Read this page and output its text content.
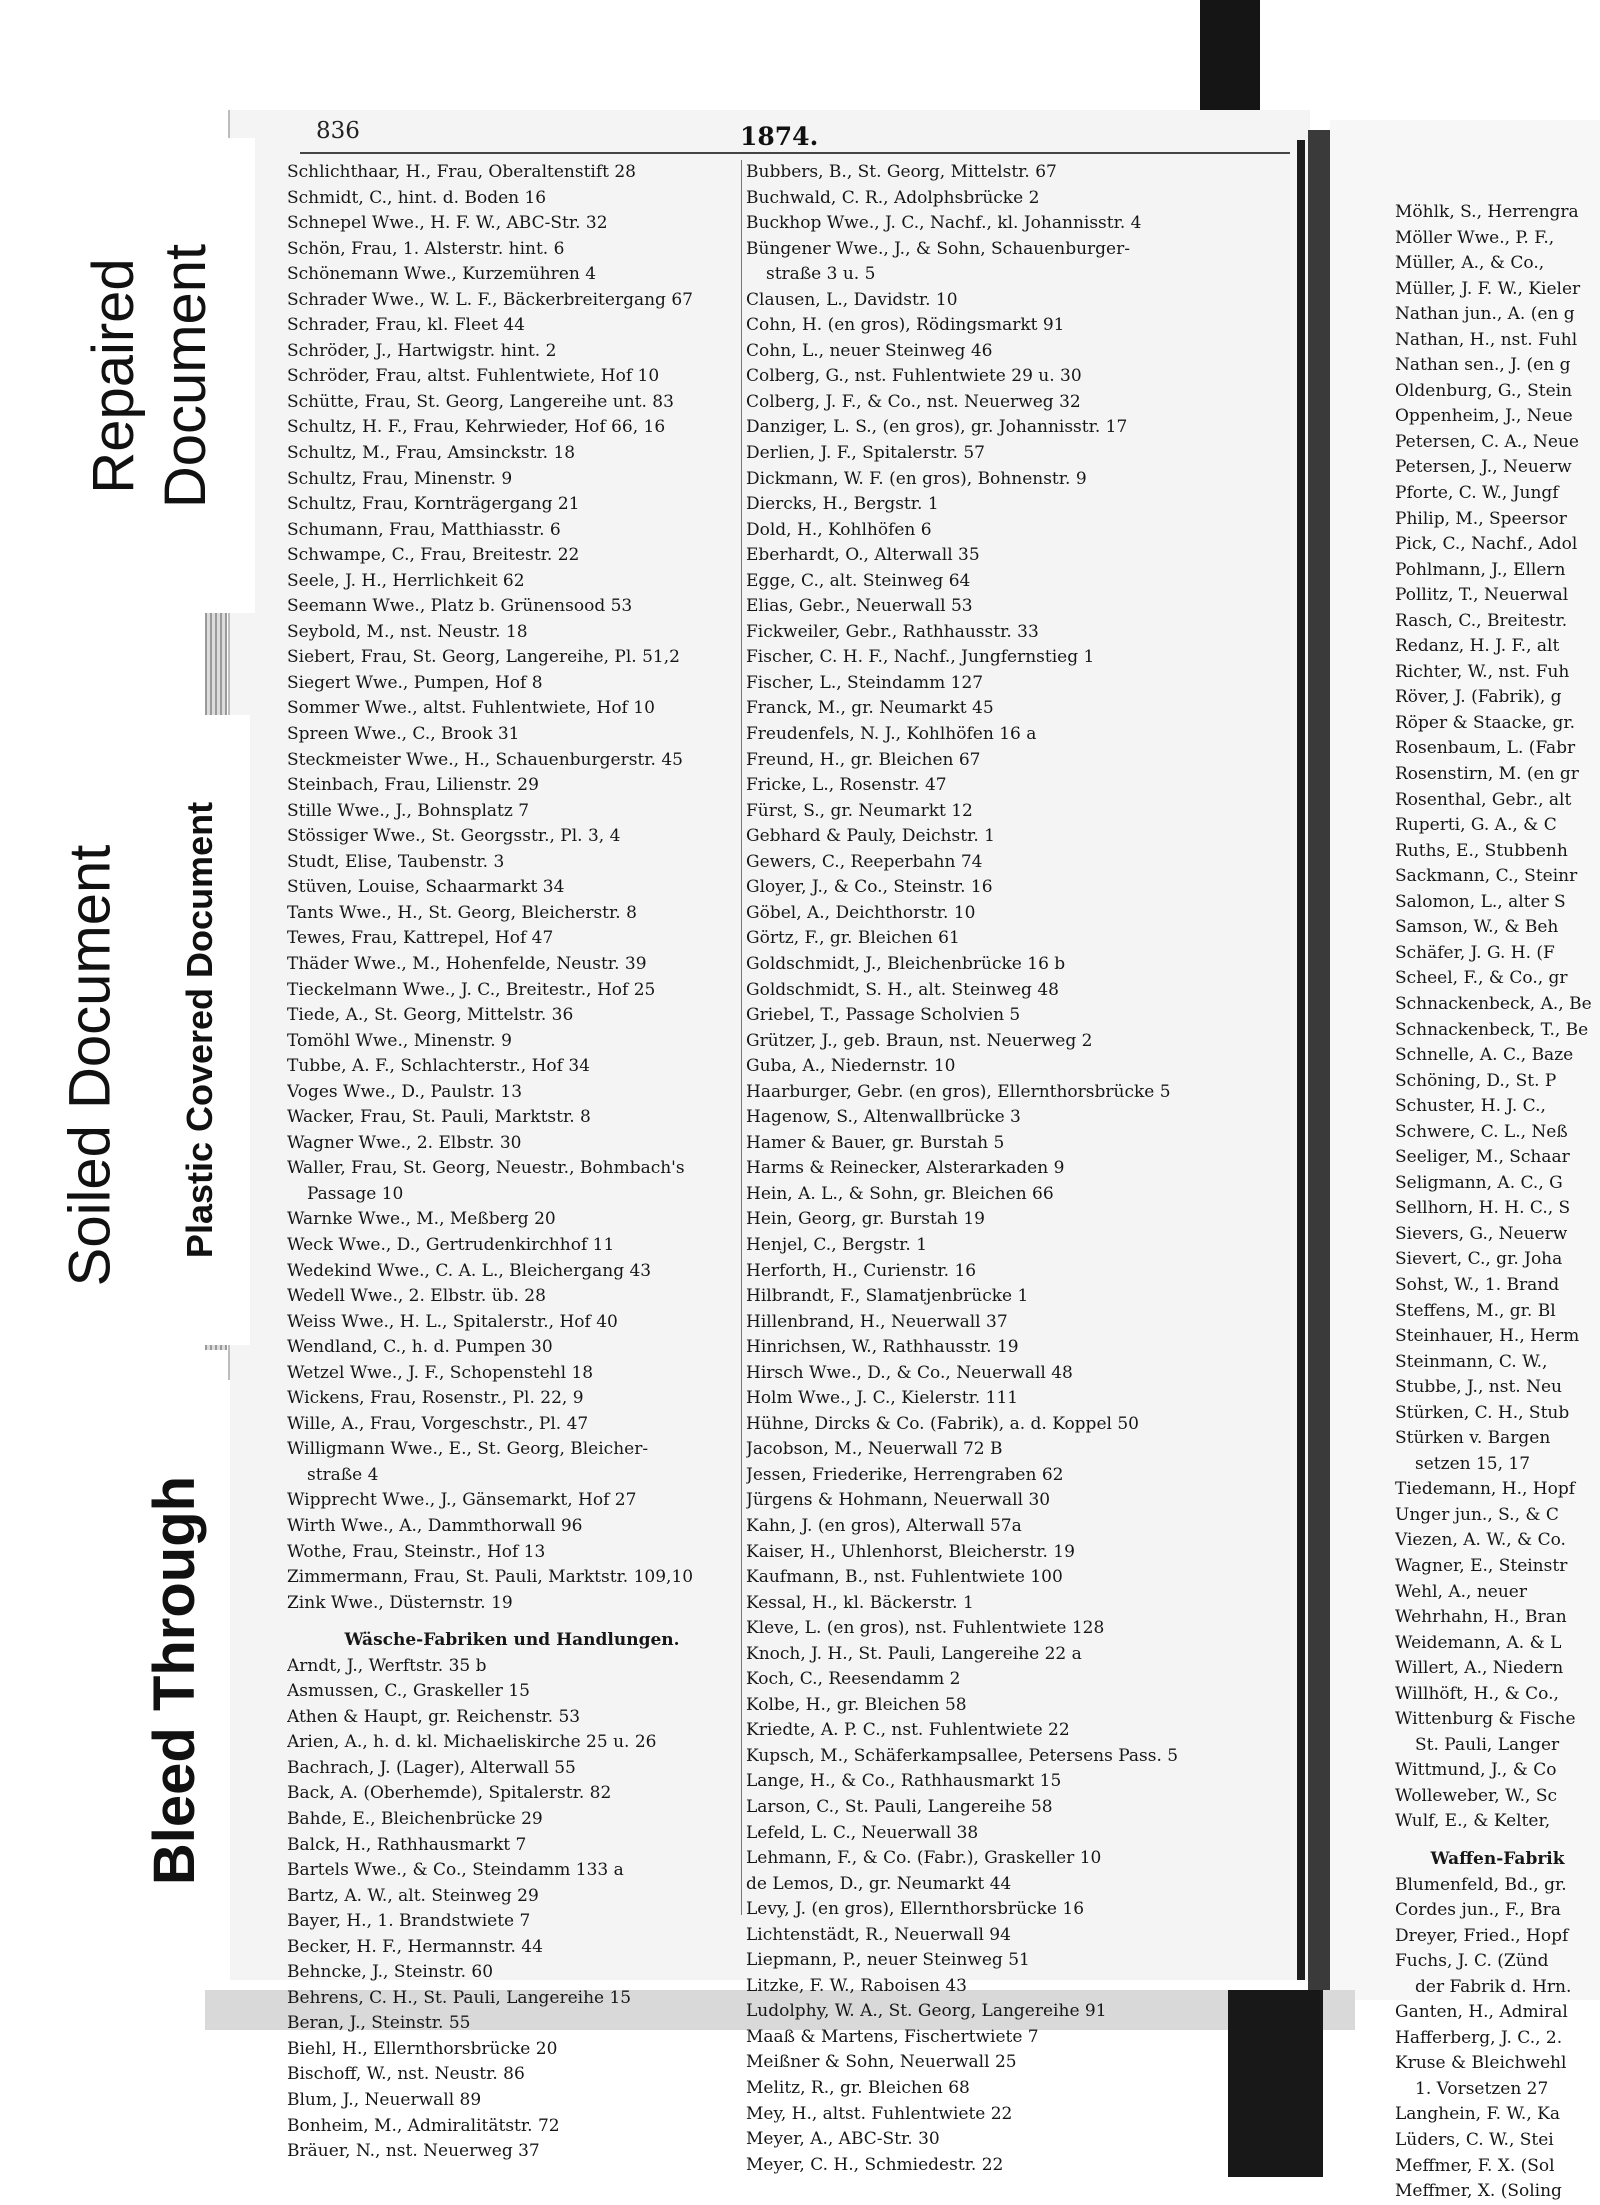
Repaired Document
Soiled Document Plastic Covered Document
Bleed Through
836	1874.
Schlichthaar, H., Frau, Oberaltenstift 28
Schmidt, C., hint. d. Boden 16
Schnepel Wwe., H. F. W., ABC-Str. 32
Schön, Frau, 1. Alsterstr. hint. 6
Schönemann Wwe., Kurzemühren 4
Schrader Wwe., W. L. F., Bäckerbreitergang 67
Schrader, Frau, kl. Fleet 44
Schröder, J., Hartwigstr. hint. 2
Schröder, Frau, altst. Fuhlentwiete, Hof 10
Schütte, Frau, St. Georg, Langereihe unt. 83
Schultz, H. F., Frau, Kehrwieder, Hof 66, 16
Schultz, M., Frau, Amsinckstr. 18
Schultz, Frau, Minenstr. 9
Schultz, Frau, Kornträgergang 21
Schumann, Frau, Matthiasstr. 6
Schwampe, C., Frau, Breitestr. 22
Seele, J. H., Herrlichkeit 62
Seemann Wwe., Platz b. Grünensood 53
Seybold, M., nst. Neustr. 18
Siebert, Frau, St. Georg, Langereihe, Pl. 51,2
Siegert Wwe., Pumpen, Hof 8
Sommer Wwe., altst. Fuhlentwiete, Hof 10
Spreen Wwe., C., Brook 31
Steckmeister Wwe., H., Schauenburgerstr. 45
Steinbach, Frau, Lilienstr. 29
Stille Wwe., J., Bohnsplatz 7
Stössiger Wwe., St. Georgsstr., Pl. 3, 4
Studt, Elise, Taubenstr. 3
Stüven, Louise, Schaarmarkt 34
Tants Wwe., H., St. Georg, Bleicherstr. 8
Tewes, Frau, Kattrepel, Hof 47
Thäder Wwe., M., Hohenfelde, Neustr. 39
Tieckelmann Wwe., J. C., Breitestr., Hof 25
Tiede, A., St. Georg, Mittelstr. 36
Tomöhl Wwe., Minenstr. 9
Tubbe, A. F., Schlachterstr., Hof 34
Voges Wwe., D., Paulstr. 13
Wacker, Frau, St. Pauli, Marktstr. 8
Wagner Wwe., 2. Elbstr. 30
Waller, Frau, St. Georg, Neuestr., Bohmbach's
Passage 10
Warnke Wwe., M., Meßberg 20
Weck Wwe., D., Gertrudenkirchhof 11
Wedekind Wwe., C. A. L., Bleichergang 43
Wedell Wwe., 2. Elbstr. üb. 28
Weiss Wwe., H. L., Spitalerstr., Hof 40
Wendland, C., h. d. Pumpen 30
Wetzel Wwe., J. F., Schopenstehl 18
Wickens, Frau, Rosenstr., Pl. 22, 9
Wille, A., Frau, Vorgeschstr., Pl. 47
Willigmann Wwe., E., St. Georg, Bleicher-
straße 4
Wipprecht Wwe., J., Gänsemarkt, Hof 27
Wirth Wwe., A., Dammthorwall 96
Wothe, Frau, Steinstr., Hof 13
Zimmermann, Frau, St. Pauli, Marktstr. 109,10
Zink Wwe., Düsternstr. 19
Wäsche-Fabriken und Handlungen.
Arndt, J., Werftstr. 35 b
Asmussen, C., Graskeller 15
Athen & Haupt, gr. Reichenstr. 53
Arien, A., h. d. kl. Michaeliskirche 25 u. 26
Bachrach, J. (Lager), Alterwall 55
Back, A. (Oberhemde), Spitalerstr. 82
Bahde, E., Bleichenbrücke 29
Balck, H., Rathhausmarkt 7
Bartels Wwe., & Co., Steindamm 133 a
Bartz, A. W., alt. Steinweg 29
Bayer, H., 1. Brandstwiete 7
Becker, H. F., Hermannstr. 44
Behncke, J., Steinstr. 60
Behrens, C. H., St. Pauli, Langereihe 15
Beran, J., Steinstr. 55
Biehl, H., Ellernthorsbrücke 20
Bischoff, W., nst. Neustr. 86
Blum, J., Neuerwall 89
Bonheim, M., Admiralitätstr. 72
Bräuer, N., nst. Neuerweg 37
Bubbers, B., St. Georg, Mittelstr. 67
Buchwald, C. R., Adolphsbrücke 2
Buckhop Wwe., J. C., Nachf., kl. Johannisstr. 4
Büngener Wwe., J., & Sohn, Schauenburger-
straße 3 u. 5
Clausen, L., Davidstr. 10
Cohn, H. (en gros), Rödingsmarkt 91
Cohn, L., neuer Steinweg 46
Colberg, G., nst. Fuhlentwiete 29 u. 30
Colberg, J. F., & Co., nst. Neuerweg 32
Danziger, L. S., (en gros), gr. Johannisstr. 17
Derlien, J. F., Spitalerstr. 57
Dickmann, W. F. (en gros), Bohnenstr. 9
Diercks, H., Bergstr. 1
Dold, H., Kohlhöfen 6
Eberhardt, O., Alterwall 35
Egge, C., alt. Steinweg 64
Elias, Gebr., Neuerwall 53
Fickweiler, Gebr., Rathhausstr. 33
Fischer, C. H. F., Nachf., Jungfernstieg 1
Fischer, L., Steindamm 127
Franck, M., gr. Neumarkt 45
Freudenfels, N. J., Kohlhöfen 16 a
Freund, H., gr. Bleichen 67
Fricke, L., Rosenstr. 47
Fürst, S., gr. Neumarkt 12
Gebhard & Pauly, Deichstr. 1
Gewers, C., Reeperbahn 74
Gloyer, J., & Co., Steinstr. 16
Göbel, A., Deichthorstr. 10
Görtz, F., gr. Bleichen 61
Goldschmidt, J., Bleichenbrücke 16 b
Goldschmidt, S. H., alt. Steinweg 48
Griebel, T., Passage Scholvien 5
Grützer, J., geb. Braun, nst. Neuerweg 2
Guba, A., Niedernstr. 10
Haarburger, Gebr. (en gros), Ellernthorsbrücke 5
Hagenow, S., Altenwallbrücke 3
Hamer & Bauer, gr. Burstah 5
Harms & Reinecker, Alsterarkaden 9
Hein, A. L., & Sohn, gr. Bleichen 66
Hein, Georg, gr. Burstah 19
Henjel, C., Bergstr. 1
Herforth, H., Curienstr. 16
Hilbrandt, F., Slamatjenbrücke 1
Hillenbrand, H., Neuerwall 37
Hinrichsen, W., Rathhausstr. 19
Hirsch Wwe., D., & Co., Neuerwall 48
Holm Wwe., J. C., Kielerstr. 111
Hühne, Dircks & Co. (Fabrik), a. d. Koppel 50
Jacobson, M., Neuerwall 72 B
Jessen, Friederike, Herrengraben 62
Jürgens & Hohmann, Neuerwall 30
Kahn, J. (en gros), Alterwall 57a
Kaiser, H., Uhlenhorst, Bleicherstr. 19
Kaufmann, B., nst. Fuhlentwiete 100
Kessal, H., kl. Bäckerstr. 1
Kleve, L. (en gros), nst. Fuhlentwiete 128
Knoch, J. H., St. Pauli, Langereihe 22 a
Koch, C., Reesendamm 2
Kolbe, H., gr. Bleichen 58
Kriedte, A. P. C., nst. Fuhlentwiete 22
Kupsch, M., Schäferkampsallee, Petersens Pass. 5
Lange, H., & Co., Rathhausmarkt 15
Larson, C., St. Pauli, Langereihe 58
Lefeld, L. C., Neuerwall 38
Lehmann, F., & Co. (Fabr.), Graskeller 10
de Lemos, D., gr. Neumarkt 44
Levy, J. (en gros), Ellernthorsbrücke 16
Lichtenstädt, R., Neuerwall 94
Liepmann, P., neuer Steinweg 51
Litzke, F. W., Raboisen 43
Ludolphy, W. A., St. Georg, Langereihe 91
Maaß & Martens, Fischertwiete 7
Meißner & Sohn, Neuerwall 25
Melitz, R., gr. Bleichen 68
Mey, H., altst. Fuhlentwiete 22
Meyer, A., ABC-Str. 30
Meyer, C. H., Schmiedestr. 22
Möhlk, S., Herrengra
Möller Wwe., P. F.,
Müller, A., & Co.,
Müller, J. F. W., Kieler
Nathan jun., A. (en g
Nathan, H., nst. Fuhl
Nathan sen., J. (en g
Oldenburg, G., Stein
Oppenheim, J., Neue
Petersen, C. A., Neue
Petersen, J., Neuerw
Pforte, C. W., Jungf
Philip, M., Speersor
Pick, C., Nachf., Adol
Pohlmann, J., Ellern
Pollitz, T., Neuerwal
Rasch, C., Breitestr.
Redanz, H. J. F., alt
Richter, W., nst. Fuh
Röver, J. (Fabrik), g
Röper & Staacke, gr.
Rosenbaum, L. (Fabr
Rosenstirn, M. (en gr
Rosenthal, Gebr., alt
Ruperti, G. A., & C
Ruths, E., Stubbenh
Sackmann, C., Steinr
Salomon, L., alter S
Samson, W., & Beh
Schäfer, J. G. H. (F
Scheel, F., & Co., gr
Schnackenbeck, A., Be
Schnackenbeck, T., Be
Schnelle, A. C., Baze
Schöning, D., St. P
Schuster, H. J. C.,
Schwere, C. L., Neß
Seeliger, M., Schaar
Seligmann, A. C., G
Sellhorn, H. H. C., S
Sievers, G., Neuerw
Sievert, C., gr. Joha
Sohst, W., 1. Brand
Steffens, M., gr. Bl
Steinhauer, H., Herm
Steinmann, C. W.,
Stubbe, J., nst. Neu
Stürken, C. H., Stub
Stürken v. Bargen
setzen 15, 17
Tiedemann, H., Hopf
Unger jun., S., & C
Viezen, A. W., & Co.
Wagner, E., Steinstr
Wehl, A., neuer
Wehrhahn, H., Bran
Weidemann, A. & L
Willert, A., Niedern
Willhöft, H., & Co.,
Wittenburg & Fische
St. Pauli, Langer
Wittmund, J., & Co
Wolleweber, W., Sc
Wulf, E., & Kelter,
Waffen-Fabrik
Blumenfeld, Bd., gr.
Cordes jun., F., Bra
Dreyer, Fried., Hopf
Fuchs, J. C. (Zünd
der Fabrik d. Hrn.
Ganten, H., Admiral
Hafferberg, J. C., 2.
Kruse & Bleichwehl
1. Vorsetzen 27
Langhein, F. W., Ka
Lüders, C. W., Stei
Meffmer, F. X. (Sol
Meffmer, X. (Soling
